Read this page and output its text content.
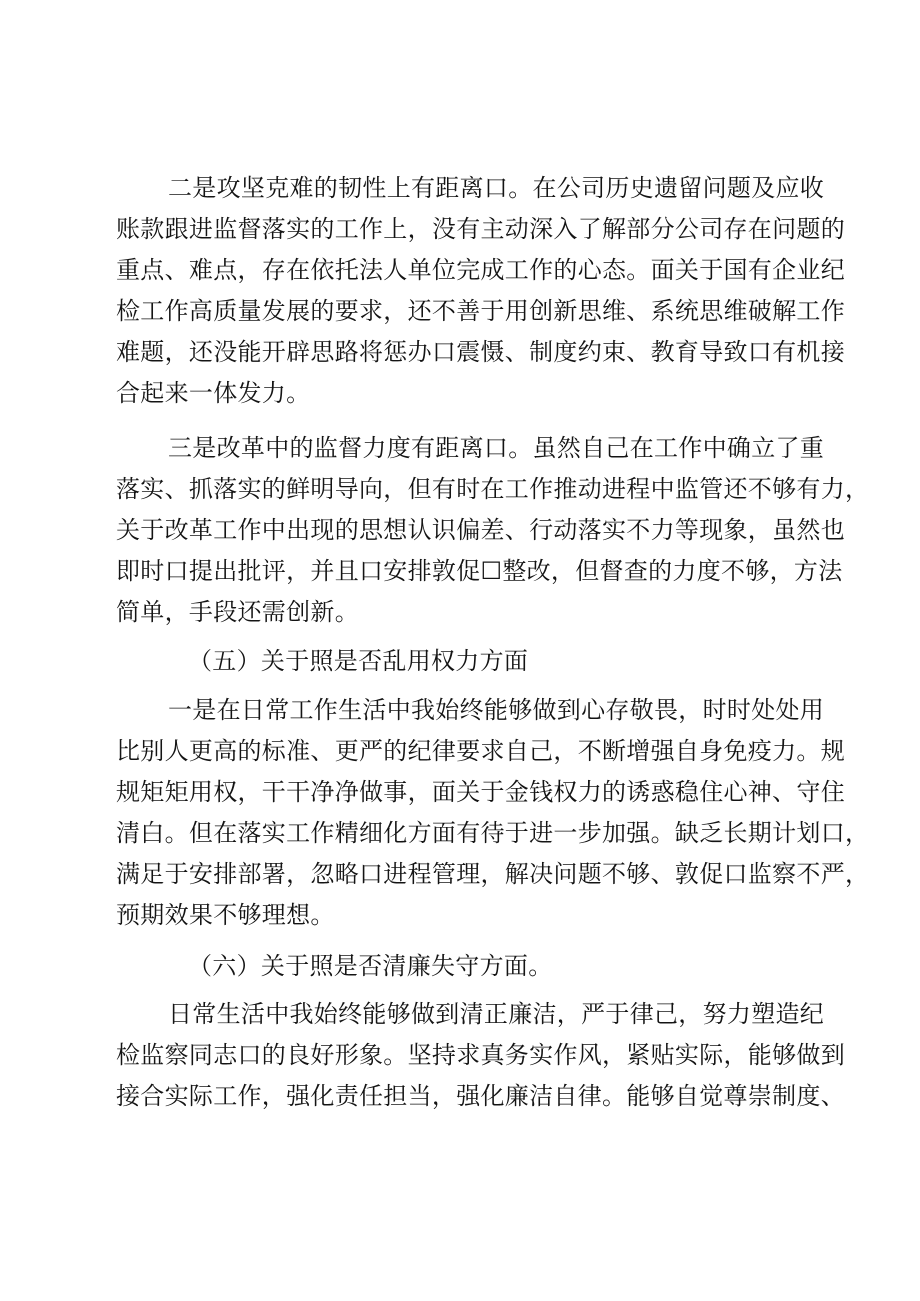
二是攻坚克难的韧性上有距离口。在公司历史遗留问题及应收
账款跟进监督落实的工作上，没有主动深入了解部分公司存在问题的
重点、难点，存在依托法人单位完成工作的心态。面关于国有企业纪
检工作高质量发展的要求，还不善于用创新思维、系统思维破解工作
难题，还没能开辟思路将惩办口震慑、制度约束、教育导致口有机接
合起来一体发力。
三是改革中的监督力度有距离口。虽然自己在工作中确立了重
落实、抓落实的鲜明导向，但有时在工作推动进程中监管还不够有力，
关于改革工作中出现的思想认识偏差、行动落实不力等现象，虽然也
即时口提出批评，并且口安排敦促☐整改，但督查的力度不够，方法
简单，手段还需创新。
（五）关于照是否乱用权力方面
一是在日常工作生活中我始终能够做到心存敬畏，时时处处用
比别人更高的标准、更严的纪律要求自己，不断增强自身免疫力。规
规矩矩用权，干干净净做事，面关于金钱权力的诱惑稳住心神、守住
清白。但在落实工作精细化方面有待于进一步加强。缺乏长期计划口，
满足于安排部署，忽略口进程管理，解决问题不够、敦促口监察不严，
预期效果不够理想。
（六）关于照是否清廉失守方面。
日常生活中我始终能够做到清正廉洁，严于律己，努力塑造纪
检监察同志口的良好形象。坚持求真务实作风，紧贴实际，能够做到
接合实际工作，强化责任担当，强化廉洁自律。能够自觉尊崇制度、
